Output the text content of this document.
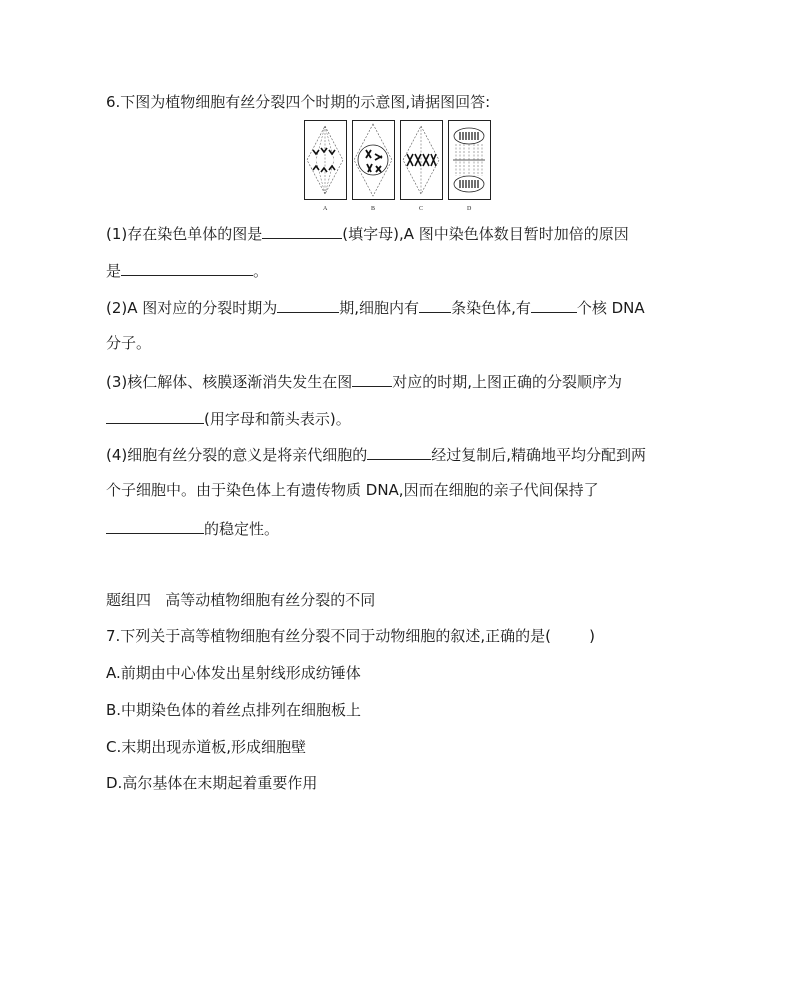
6.下图为植物细胞有丝分裂四个时期的示意图,请据图回答:
A	B	C	D
(1)存在染色单体的图是	(填字母),A 图中染色体数目暂时加倍的原因
是	。
(2)A 图对应的分裂时期为	期,细胞内有 条染色体,有	个核 DNA
分子。
(3)核仁解体、核膜逐渐消失发生在图	对应的时期,上图正确的分裂顺序为
(用字母和箭头表示)。
(4)细胞有丝分裂的意义是将亲代细胞的	经过复制后,精确地平均分配到两
个子细胞中。由于染色体上有遗传物质 DNA,因而在细胞的亲子代间保持了
的稳定性。
题组四   高等动植物细胞有丝分裂的不同
7.下列关于高等植物细胞有丝分裂不同于动物细胞的叙述,正确的是(        )
A.前期由中心体发出星射线形成纺锤体
B.中期染色体的着丝点排列在细胞板上
C.末期出现赤道板,形成细胞壁
D.高尔基体在末期起着重要作用
